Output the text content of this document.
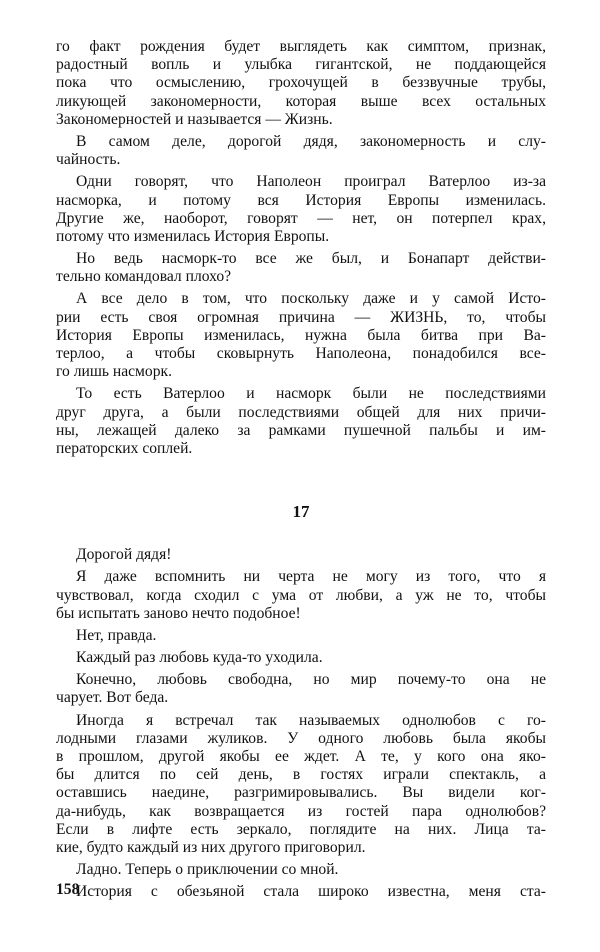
го факт рождения будет выглядеть как симптом, признак,
радостный вопль и улыбка гигантской, не поддающейся
пока что осмыслению, грохочущей в беззвучные трубы,
ликующей закономерности, которая выше всех остальных
Закономерностей и называется — Жизнь.
В самом деле, дорогой дядя, закономерность и слу-
чайность.
Одни говорят, что Наполеон проиграл Ватерлоо из-за
насморка, и потому вся История Европы изменилась.
Другие же, наоборот, говорят — нет, он потерпел крах,
потому что изменилась История Европы.
Но ведь насморк-то все же был, и Бонапарт действи-
тельно командовал плохо?
А все дело в том, что поскольку даже и у самой Исто-
рии есть своя огромная причина — ЖИЗНЬ, то, чтобы
История Европы изменилась, нужна была битва при Ва-
терлоо, а чтобы сковырнуть Наполеона, понадобился все-
го лишь насморк.
То есть Ватерлоо и насморк были не последствиями
друг друга, а были последствиями общей для них причи-
ны, лежащей далеко за рамками пушечной пальбы и им-
ператорских соплей.
17
Дорогой дядя!
Я даже вспомнить ни черта не могу из того, что я
чувствовал, когда сходил с ума от любви, а уж не то, чтобы
бы испытать заново нечто подобное!
Нет, правда.
Каждый раз любовь куда-то уходила.
Конечно, любовь свободна, но мир почему-то она не
чарует. Вот беда.
Иногда я встречал так называемых однолюбов с го-
лодными глазами жуликов. У одного любовь была якобы
в прошлом, другой якобы ее ждет. А те, у кого она яко-
бы длится по сей день, в гостях играли спектакль, а
оставшись наедине, разгримировывались. Вы видели ког-
да-нибудь, как возвращается из гостей пара однолюбов?
Если в лифте есть зеркало, поглядите на них. Лица та-
кие, будто каждый из них другого приговорил.
Ладно. Теперь о приключении со мной.
История с обезьяной стала широко известна, меня ста-
158
